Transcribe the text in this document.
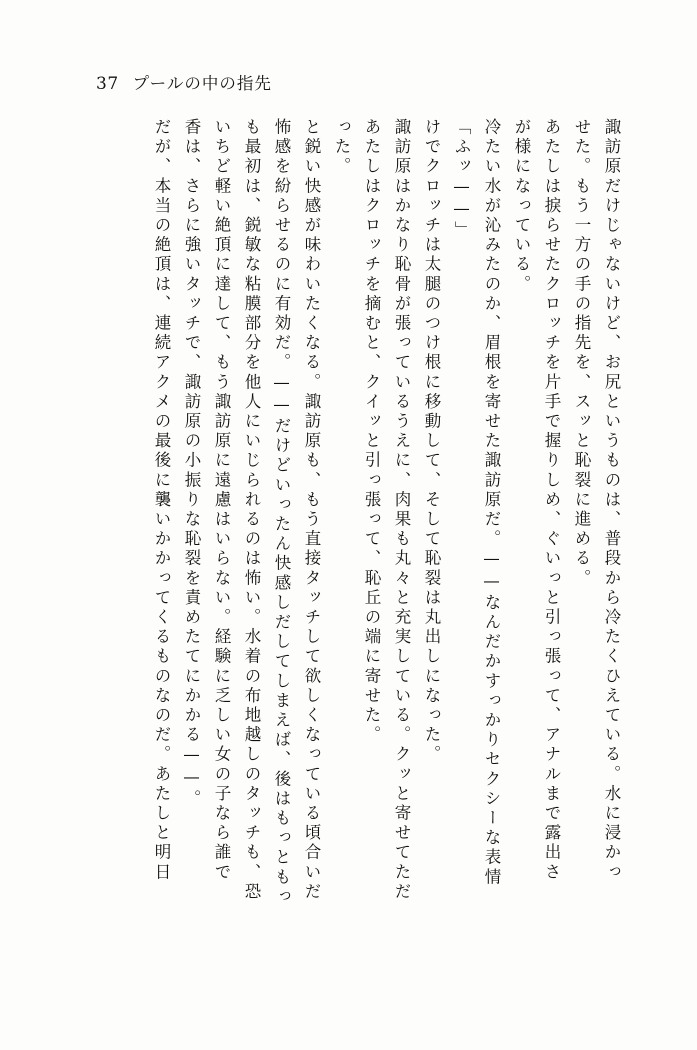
37 プールの中の指先
だが、本当の絶頂は、連続アクメの最後に襲いかかってくるものなのだ。あたしと明日 香は、さらに強いタッチで、諏訪原の小振りな恥裂を責めたてにかかる——。 いちど軽い絶頂に達して、もう諏訪原に遠慮はいらない。経験に乏しい女の子なら誰で も最初は、鋭敏な粘膜部分を他人にいじられるのは怖い。水着の布地越しのタッチも、恐 怖感を紛らせるのに有効だ。——だけどいったん快感しだしてしまえば、後はもっともっ と鋭い快感が味わいたくなる。諏訪原も、もう直接タッチして欲しくなっている頃合いだ った。 あたしはクロッチを摘むと、クイッと引っ張って、恥丘の端に寄せた。 諏訪原はかなり恥骨が張っているうえに、肉果も丸々と充実している。クッと寄せてただ けでクロッチは太腿のつけ根に移動して、そして恥裂は丸出しになった。 「ふッ——」 冷たい水が沁みたのか、眉根を寄せた諏訪原だ。——なんだかすっかりセクシーな表情 が様になっている。 あたしは捩らせたクロッチを片手で握りしめ、ぐいっと引っ張って、アナルまで露出さ せた。もう一方の手の指先を、スッと恥裂に進める。 諏訪原だけじゃないけど、お尻というものは、普段から冷たくひえている。水に浸かっ
